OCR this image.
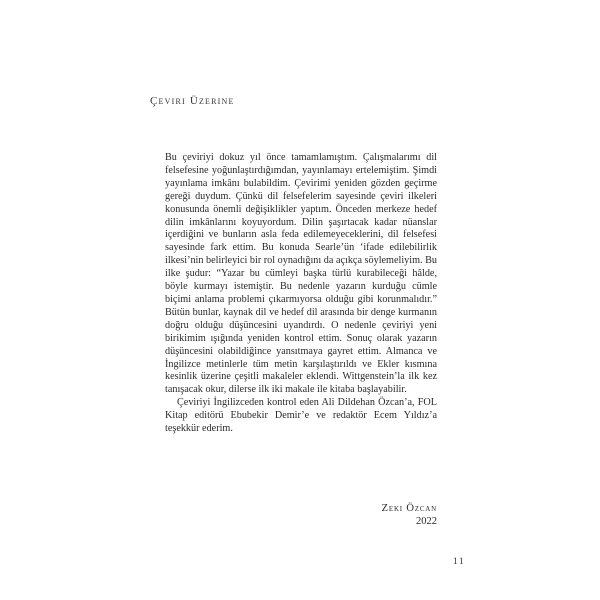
Çeviri Üzerine

Bu çeviriyi dokuz yıl önce tamamlamıştım. Çalışmalarımı dil felsefesine yoğunlaştırdığımdan, yayınlamayı ertelemiştim. Şimdi yayınlama imkânı bulabildim. Çevirimi yeniden gözden geçirme gereği duydum. Çünkü dil felsefelerim sayesinde çeviri ilkeleri konusunda önemli değişiklikler yaptım. Önceden merkeze hedef dilin imkânlarını koyuyordum. Dilin şaşırtacak kadar nüanslar içerdiğini ve bunların asla feda edilemeyeceklerini, dil felsefesi sayesinde fark ettim. Bu konuda Searle’ün ‘ifade edilebilirlik ilkesi’nin belirleyici bir rol oynadığını da açıkça söylemeliyim. Bu ilke şudur: “Yazar bu cümleyi başka türlü kurabileceği hâlde, böyle kurmayı istemiştir. Bu nedenle yazarın kurduğu cümle biçimi anlama problemi çıkarmıyorsa olduğu gibi korunmalıdır.” Bütün bunlar, kaynak dil ve hedef dil arasında bir denge kurmanın doğru olduğu düşüncesini uyandırdı. O nedenle çeviriyi yeni birikimim ışığında yeniden kontrol ettim. Sonuç olarak yazarın düşüncesini olabildiğince yansıtmaya gayret ettim. Almanca ve İngilizce metinlerle tüm metin karşılaştırıldı ve Ekler kısmına kesinlik üzerine çeşitli makaleler eklendi. Wittgenstein’la ilk kez tanışacak okur, dilerse ilk iki makale ile kitaba başlayabilir.

Çeviriyi İngilizceden kontrol eden Ali Dildehan Özcan’a, FOL Kitap editörü Ebubekir Demir’e ve redaktör Ecem Yıldız’a teşekkür ederim.

Zeki Özcan
2022
11
